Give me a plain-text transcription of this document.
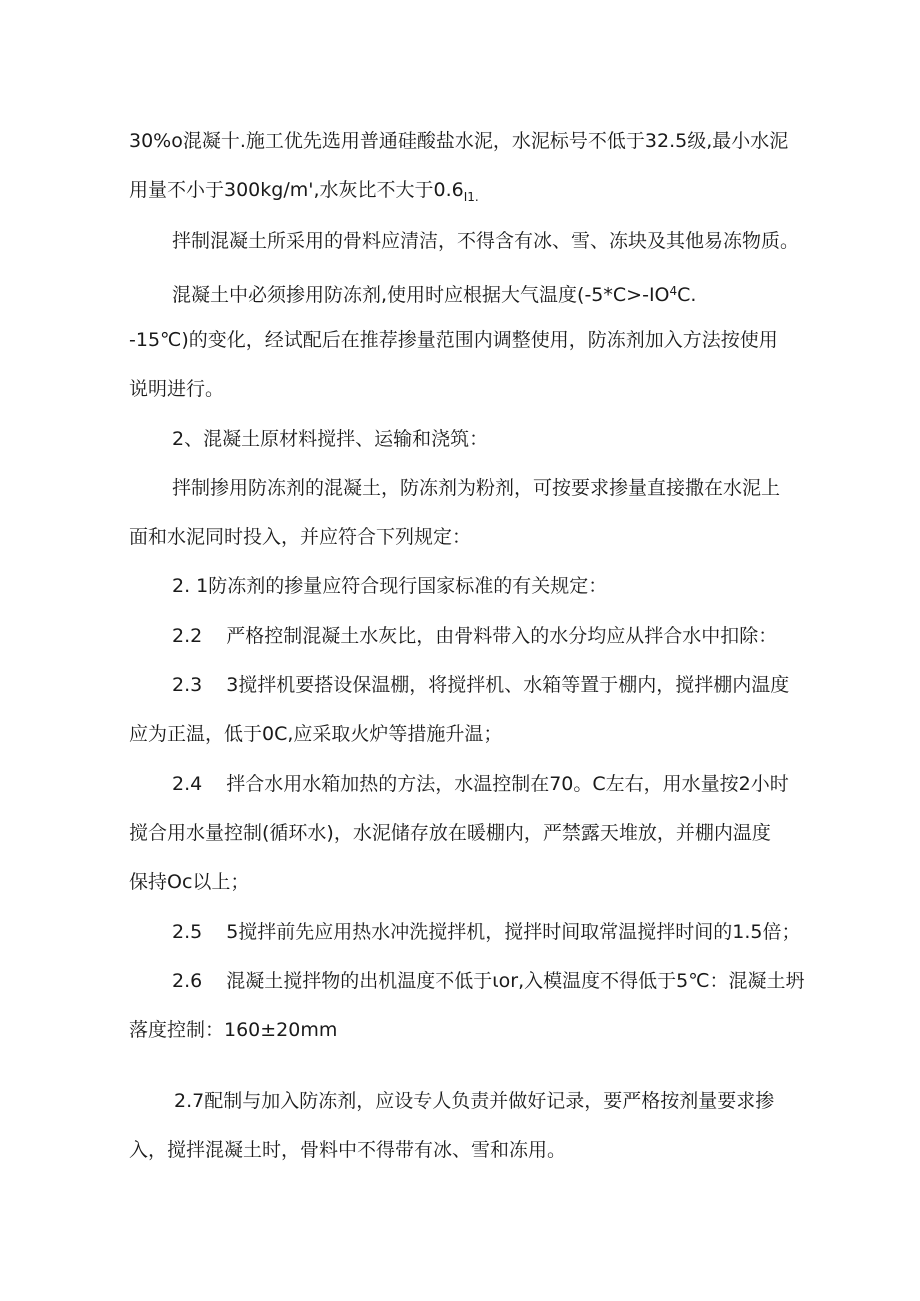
30%o混凝十.施工优先选用普通硅酸盐水泥，水泥标号不低于32.5级,最小水泥
用量不小于300kg∕m',水灰比不大于$0.6_{I1.}$
拌制混凝土所采用的骨料应清洁，不得含有冰、雪、冻块及其他易冻物质。
混凝土中必须掺用防冻剂,使用时应根据大气温度($-5*C>-IO^4C$.
-15℃)的变化，经试配后在推荐掺量范围内调整使用，防冻剂加入方法按使用
说明进行。
2、混凝土原材料搅拌、运输和浇筑：
拌制掺用防冻剂的混凝土，防冻剂为粉剂，可按要求掺量直接撒在水泥上
面和水泥同时投入，并应符合下列规定：
2. 1防冻剂的掺量应符合现行国家标准的有关规定：
2.2 严格控制混凝土水灰比，由骨料带入的水分均应从拌合水中扣除：
2.3 3搅拌机要搭设保温棚，将搅拌机、水箱等置于棚内，搅拌棚内温度
应为正温，低于0C,应采取火炉等措施升温；
2.4 拌合水用水箱加热的方法，水温控制在70。C左右，用水量按2小时
搅合用水量控制(循环水)，水泥储存放在暖棚内，严禁露天堆放，并棚内温度
保持Oc以上；
2.5 5搅拌前先应用热水冲洗搅拌机，搅拌时间取常温搅拌时间的1.5倍；
2.6 混凝土搅拌物的出机温度不低于ιor,入模温度不得低于5℃：混凝土坍
落度控制：160±20mm
2.7配制与加入防冻剂，应设专人负责并做好记录，要严格按剂量要求掺
入，搅拌混凝土时，骨料中不得带有冰、雪和冻用。
